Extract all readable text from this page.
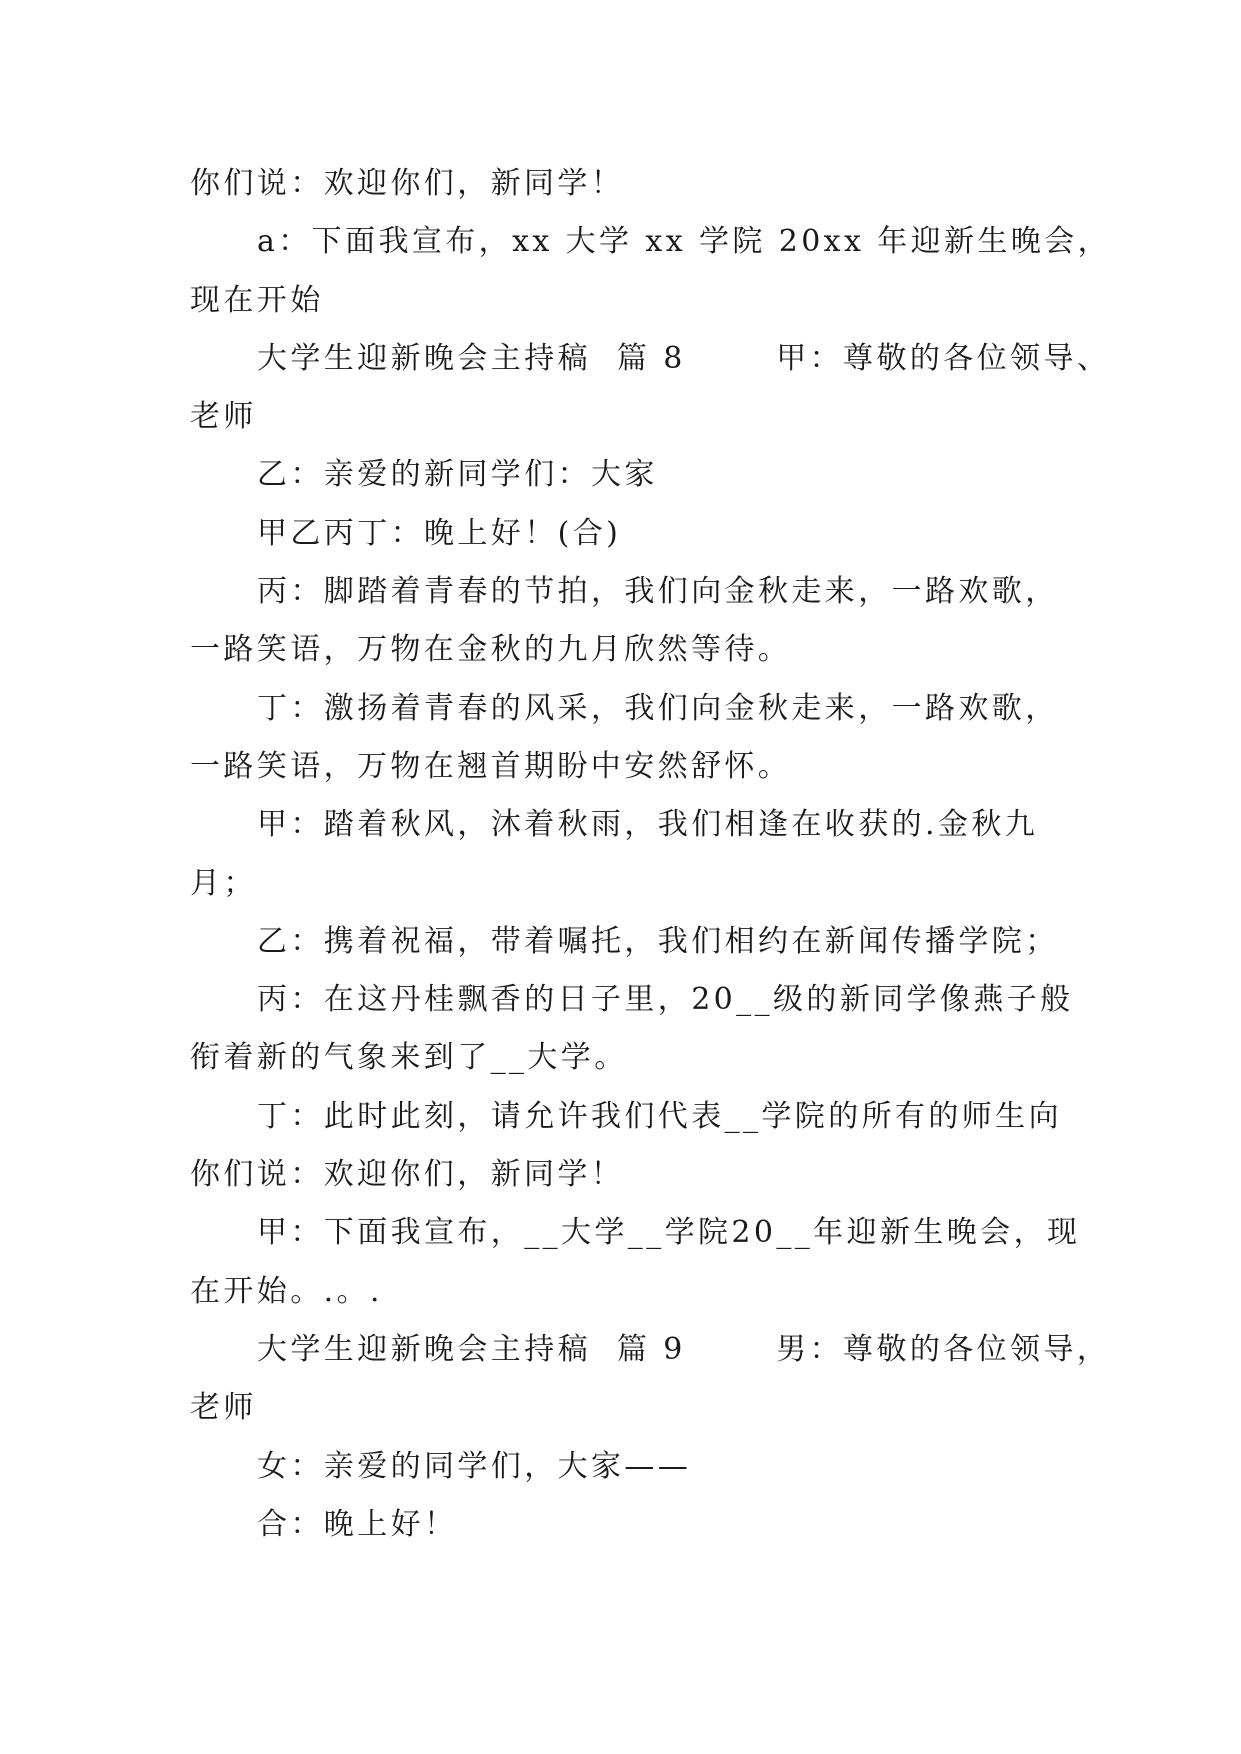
你们说：欢迎你们，新同学！
a：下面我宣布，xx 大学 xx 学院 20xx 年迎新生晚会，
现在开始
大学生迎新晚会主持稿  篇 8       甲：尊敬的各位领导、
老师
乙：亲爱的新同学们：大家
甲乙丙丁：晚上好！(合)
丙：脚踏着青春的节拍，我们向金秋走来，一路欢歌，
一路笑语，万物在金秋的九月欣然等待。
丁：激扬着青春的风采，我们向金秋走来，一路欢歌，
一路笑语，万物在翘首期盼中安然舒怀。
甲：踏着秋风，沐着秋雨，我们相逢在收获的.金秋九
月；
乙：携着祝福，带着嘱托，我们相约在新闻传播学院；
丙：在这丹桂飘香的日子里，20__级的新同学像燕子般
衔着新的气象来到了__大学。
丁：此时此刻，请允许我们代表__学院的所有的师生向
你们说：欢迎你们，新同学！
甲：下面我宣布，__大学__学院20__年迎新生晚会，现
在开始。.。.
大学生迎新晚会主持稿  篇 9       男：尊敬的各位领导，
老师
女：亲爱的同学们，大家——
合：晚上好！
